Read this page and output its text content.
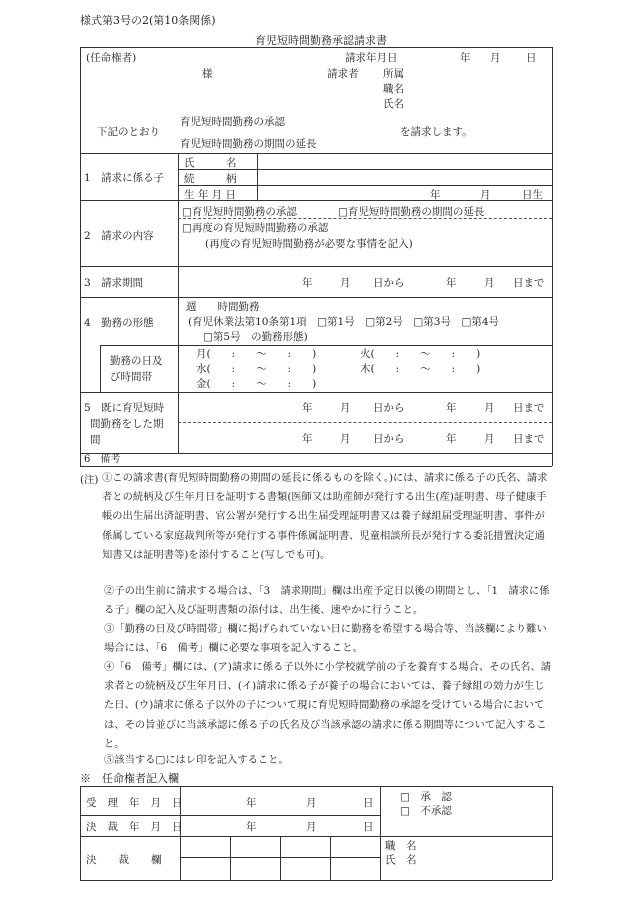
様式第3号の2(第10条関係)
育児短時間勤務承認請求書
(任命権者)	請求年月日	年 月 日
様	請求者 所属
職名
氏名
下記のとおり
育児短時間勤務の承認
育児短時間勤務の期間の延長
を請求します。
1　請求に係る子
氏　　　名
続　　　柄
生 年 月 日	年	月	日生
2　請求の内容
□育児短時間勤務の承認	□育児短時間勤務の期間の延長
□再度の育児短時間勤務の承認
(再度の育児短時間勤務が必要な事情を記入)
3　請求期間	年	月 日から	年	月 日まで
4　勤務の形態
週　　時間勤務
(育児休業法第10条第1項　□第1号　□第2号　□第3号　□第4号
□第5号　の勤務形態)
勤務の日及
び時間帯
月(　　:　　〜　　:　　)	火(　　:　　〜　　:　　)
水(　　:　　〜　　:　　)	木(　　:　　〜　　:　　)
金(　　:　　〜　　:　　)
5　既に育児短時
間勤務をした期
間
年	月 日から	年	月 日まで
年	月 日から	年	月 日まで
6　備考
(注) ①この請求書(育児短時間勤務の期間の延長に係るものを除く。)には、請求に係る子の氏名、請求者との続柄及び生年月日を証明する書類(医師又は助産師が発行する出生(産)証明書、母子健康手帳の出生届出済証明書、官公署が発行する出生届受理証明書又は養子縁組届受理証明書、事件が係属している家庭裁判所等が発行する事件係属証明書、児童相談所長が発行する委託措置決定通知書又は証明書等)を添付すること(写しでも可)。
②子の出生前に請求する場合は、「3　請求期間」欄は出産予定日以後の期間とし、「1　請求に係る子」欄の記入及び証明書類の添付は、出生後、速やかに行うこと。
③「勤務の日及び時間帯」欄に掲げられていない日に勤務を希望する場合等、当該欄により難い場合には、「6　備考」欄に必要な事項を記入すること。
④「6　備考」欄には、(ア)請求に係る子以外に小学校就学前の子を養育する場合、その氏名、請求者との続柄及び生年月日、(イ)請求に係る子が養子の場合においては、養子縁組の効力が生じた日、(ウ)請求に係る子以外の子について現に育児短時間勤務の承認を受けている場合においては、その旨並びに当該承認に係る子の氏名及び当該承認の請求に係る期間等について記入すること。
⑤該当する□にはレ印を記入すること。
※　任命権者記入欄
受理年月日	年	月	日
決裁年月日	年	月	日
決裁欄
□　承　認
□　不承認
職　名
氏　名
